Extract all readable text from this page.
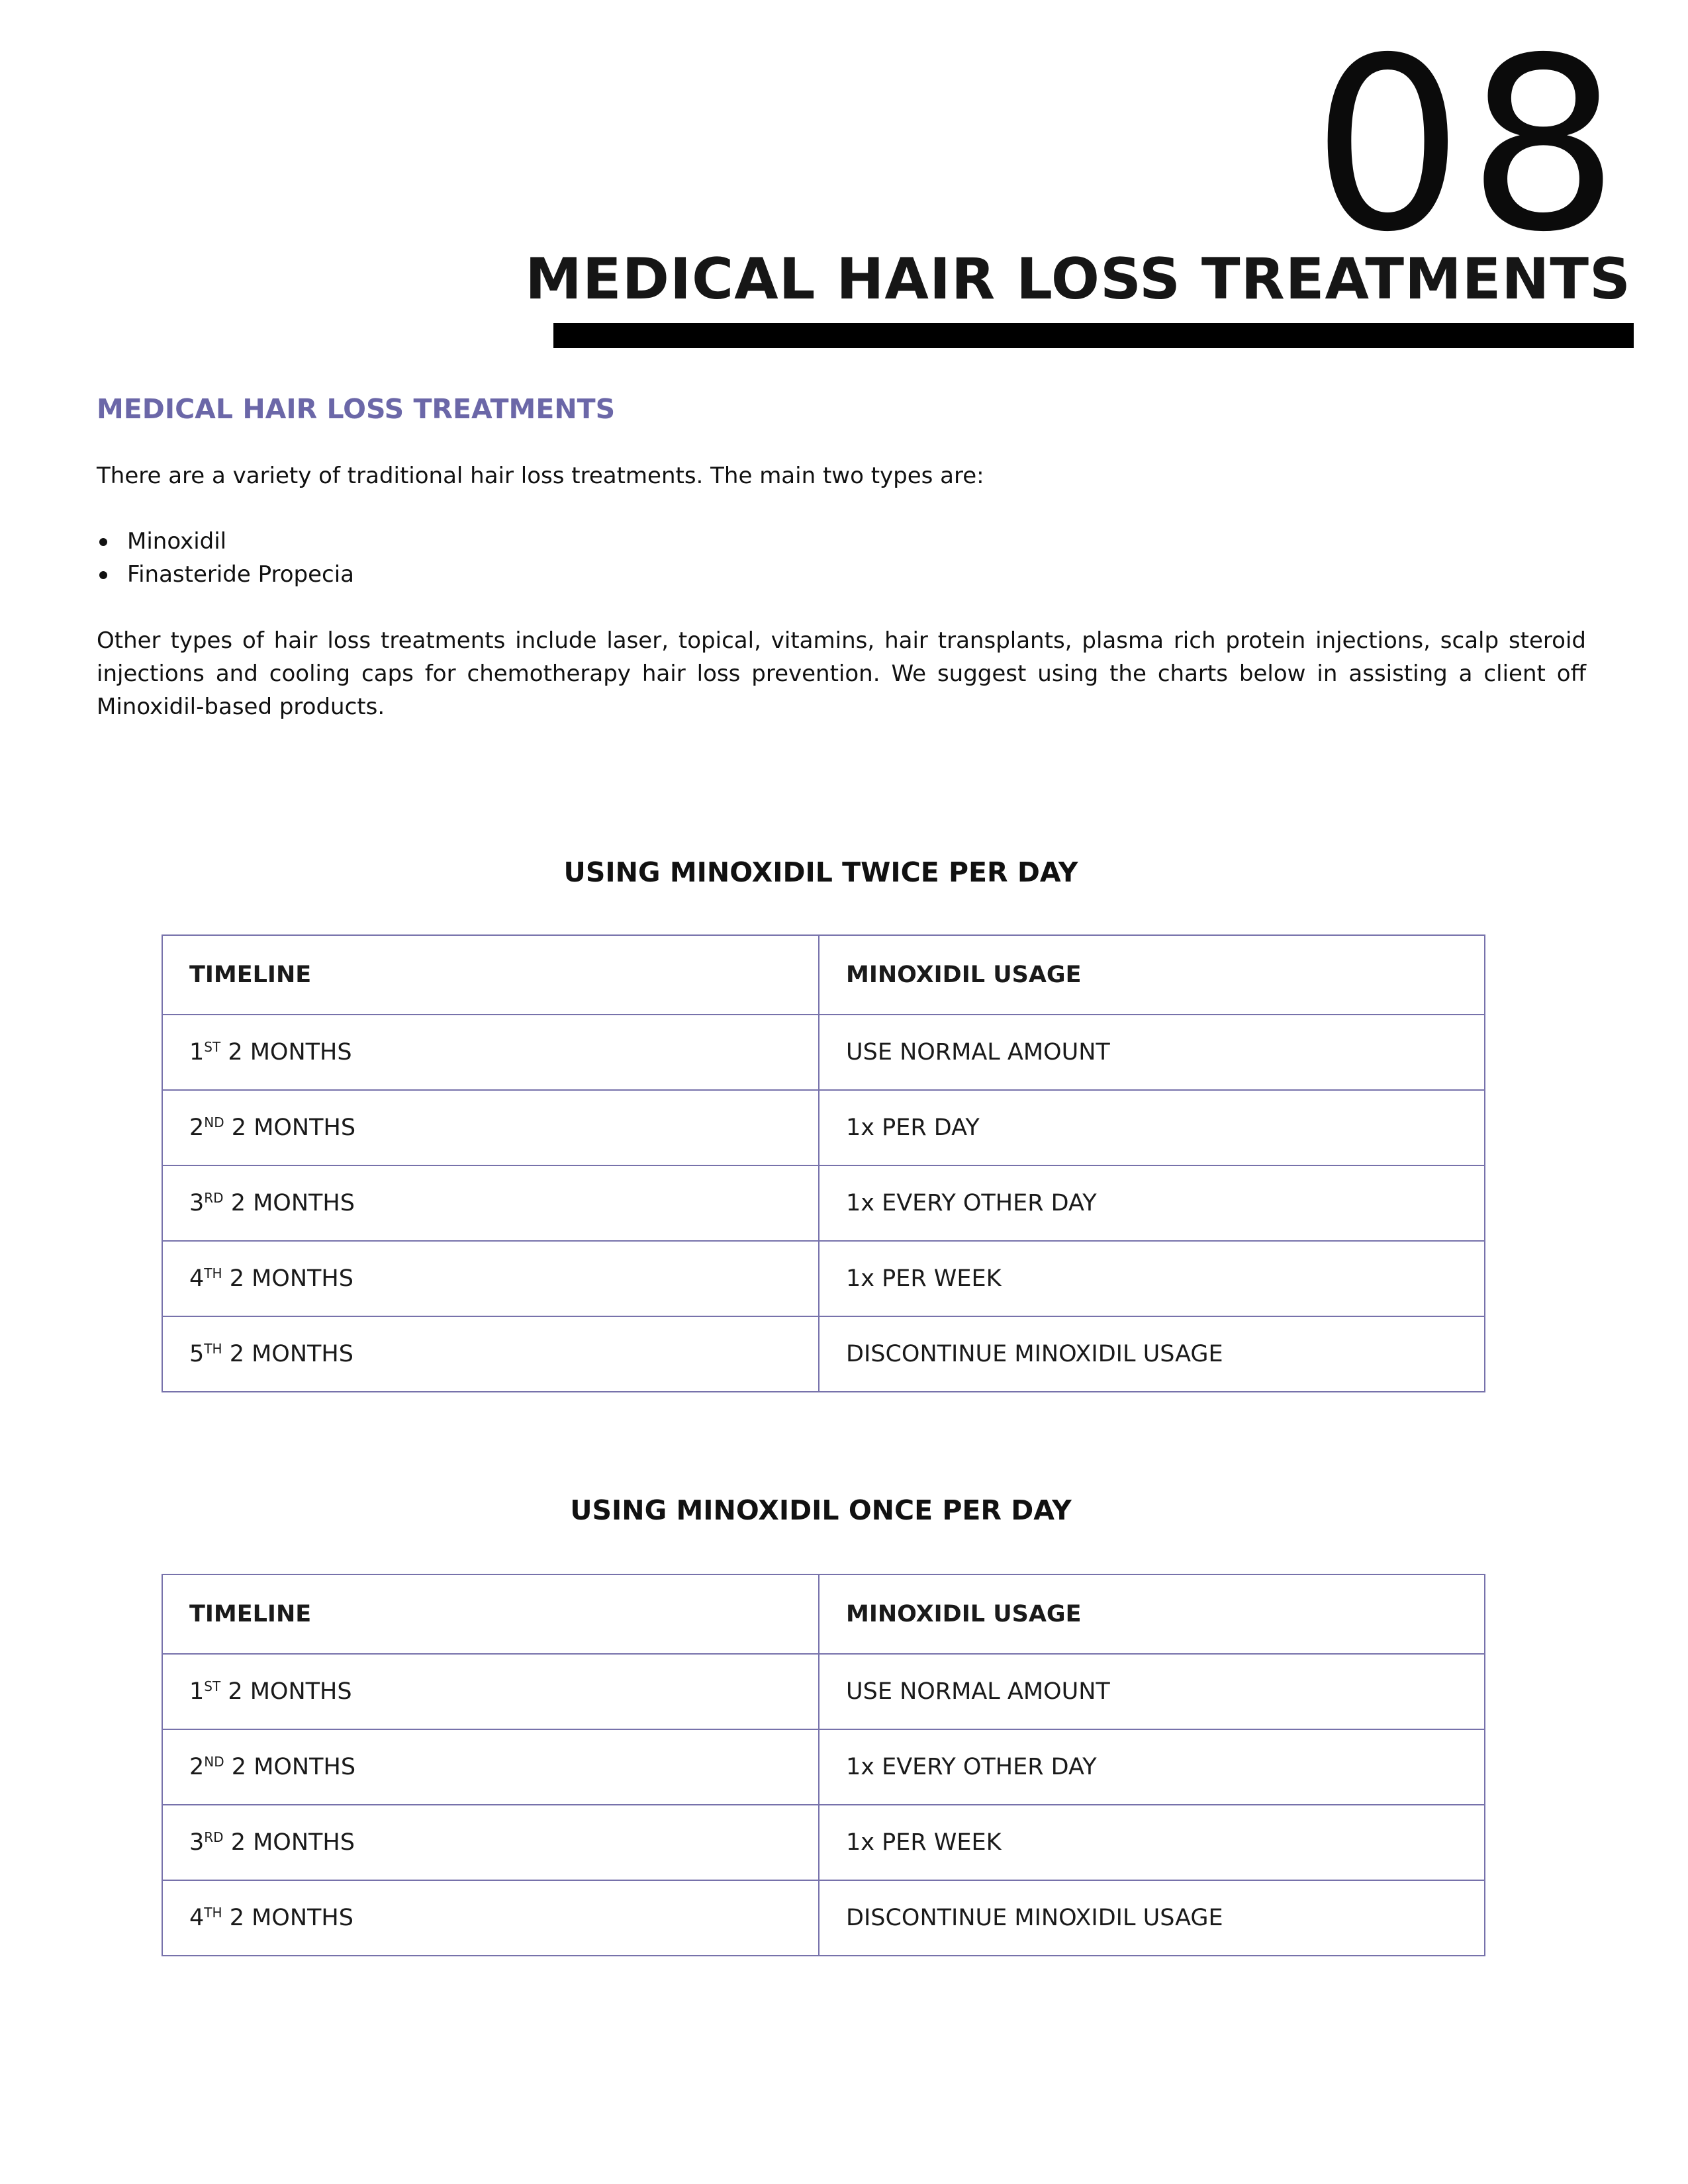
08
MEDICAL HAIR LOSS TREATMENTS
MEDICAL HAIR LOSS TREATMENTS

There are a variety of traditional hair loss treatments. The main two types are:

Minoxidil
Finasteride Propecia

Other types of hair loss treatments include laser, topical, vitamins, hair transplants, plasma rich protein injections, scalp steroid injections and cooling caps for chemotherapy hair loss prevention. We suggest using the charts below in assisting a client off Minoxidil-based products.

USING MINOXIDIL TWICE PER DAY
TIMELINE	MINOXIDIL USAGE
1ST 2 MONTHS	USE NORMAL AMOUNT
2ND 2 MONTHS	1x PER DAY
3RD 2 MONTHS	1x EVERY OTHER DAY
4TH 2 MONTHS	1x PER WEEK
5TH 2 MONTHS	DISCONTINUE MINOXIDIL USAGE
USING MINOXIDIL ONCE PER DAY
TIMELINE	MINOXIDIL USAGE
1ST 2 MONTHS	USE NORMAL AMOUNT
2ND 2 MONTHS	1x EVERY OTHER DAY
3RD 2 MONTHS	1x PER WEEK
4TH 2 MONTHS	DISCONTINUE MINOXIDIL USAGE
